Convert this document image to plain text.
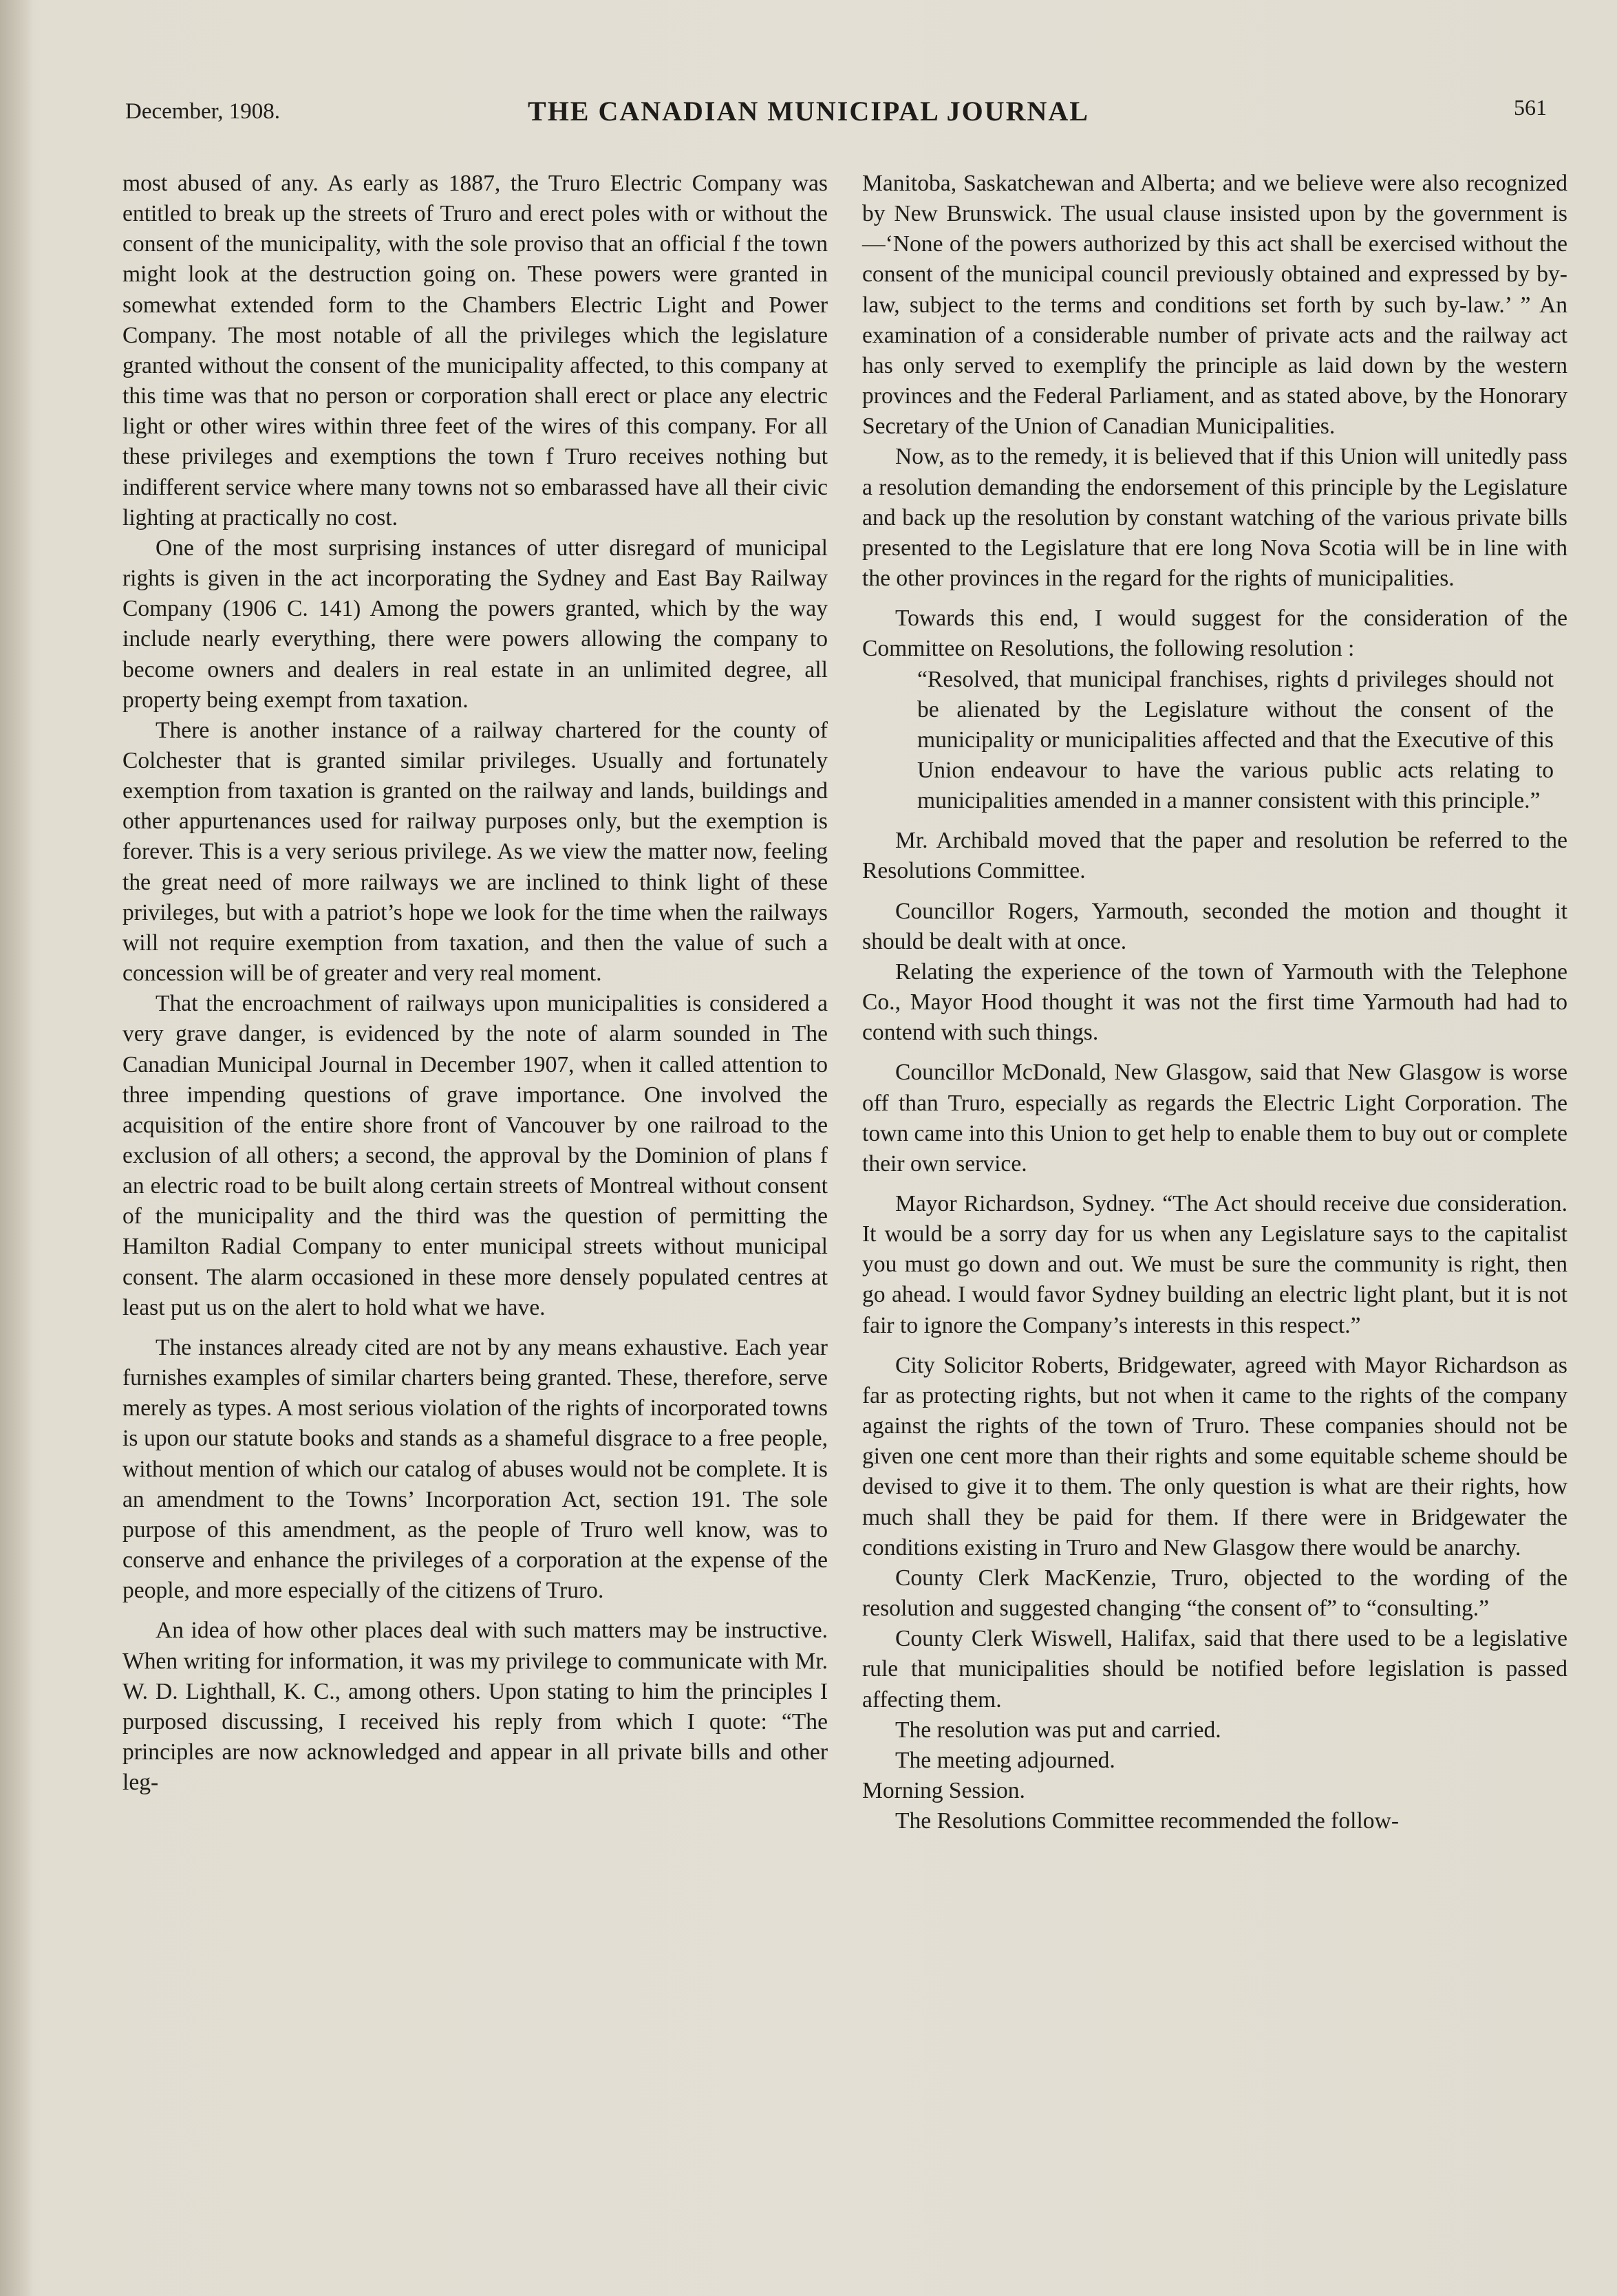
December, 1908.	THE CANADIAN MUNICIPAL JOURNAL	561

most abused of any. As early as 1887, the Truro Electric Company was entitled to break up the streets of Truro and erect poles with or without the consent of the municipality, with the sole proviso that an official f the town might look at the destruction going on. These powers were granted in somewhat extended form to the Chambers Electric Light and Power Company. The most notable of all the privileges which the legislature granted without the consent of the municipality affected, to this company at this time was that no person or corporation shall erect or place any electric light or other wires within three feet of the wires of this company. For all these privileges and exemptions the town f Truro receives nothing but indifferent service where many towns not so embarassed have all their civic lighting at practically no cost.

One of the most surprising instances of utter disregard of municipal rights is given in the act incorporating the Sydney and East Bay Railway Company (1906 C. 141) Among the powers granted, which by the way include nearly everything, there were powers allowing the company to become owners and dealers in real estate in an unlimited degree, all property being exempt from taxation.

There is another instance of a railway chartered for the county of Colchester that is granted similar privileges. Usually and fortunately exemption from taxation is granted on the railway and lands, buildings and other appurtenances used for railway purposes only, but the exemption is forever. This is a very serious privilege. As we view the matter now, feeling the great need of more railways we are inclined to think light of these privileges, but with a patriot’s hope we look for the time when the railways will not require exemption from taxation, and then the value of such a concession will be of greater and very real moment.

That the encroachment of railways upon municipalities is considered a very grave danger, is evidenced by the note of alarm sounded in The Canadian Municipal Journal in December 1907, when it called attention to three impending questions of grave importance. One involved the acquisition of the entire shore front of Vancouver by one railroad to the exclusion of all others; a second, the approval by the Dominion of plans f an electric road to be built along certain streets of Montreal without consent of the municipality and the third was the question of permitting the Hamilton Radial Company to enter municipal streets without municipal consent. The alarm occasioned in these more densely populated centres at least put us on the alert to hold what we have.

The instances already cited are not by any means exhaustive. Each year furnishes examples of similar charters being granted. These, therefore, serve merely as types. A most serious violation of the rights of incorporated towns is upon our statute books and stands as a shameful disgrace to a free people, without mention of which our catalog of abuses would not be complete. It is an amendment to the Towns’ Incorporation Act, section 191. The sole purpose of this amendment, as the people of Truro well know, was to conserve and enhance the privileges of a corporation at the expense of the people, and more especially of the citizens of Truro.

An idea of how other places deal with such matters may be instructive. When writing for information, it was my privilege to communicate with Mr. W. D. Lighthall, K. C., among others. Upon stating to him the principles I purposed discussing, I received his reply from which I quote: “The principles are now acknowledged and appear in all private bills and other leg-

Manitoba, Saskatchewan and Alberta; and we believe were also recognized by New Brunswick. The usual clause insisted upon by the government is—‘None of the powers authorized by this act shall be exercised without the consent of the municipal council previously obtained and expressed by by-law, subject to the terms and conditions set forth by such by-law.’ ” An examination of a considerable number of private acts and the railway act has only served to exemplify the principle as laid down by the western provinces and the Federal Parliament, and as stated above, by the Honorary Secretary of the Union of Canadian Municipalities.

Now, as to the remedy, it is believed that if this Union will unitedly pass a resolution demanding the endorsement of this principle by the Legislature and back up the resolution by constant watching of the various private bills presented to the Legislature that ere long Nova Scotia will be in line with the other provinces in the regard for the rights of municipalities.

Towards this end, I would suggest for the consideration of the Committee on Resolutions, the following resolution :

“Resolved, that municipal franchises, rights d privileges should not be alienated by the Legislature without the consent of the municipality or municipalities affected and that the Executive of this Union endeavour to have the various public acts relating to municipalities amended in a manner consistent with this principle.”

Mr. Archibald moved that the paper and resolution be referred to the Resolutions Committee.

Councillor Rogers, Yarmouth, seconded the motion and thought it should be dealt with at once.

Relating the experience of the town of Yarmouth with the Telephone Co., Mayor Hood thought it was not the first time Yarmouth had had to contend with such things.

Councillor McDonald, New Glasgow, said that New Glasgow is worse off than Truro, especially as regards the Electric Light Corporation. The town came into this Union to get help to enable them to buy out or complete their own service.

Mayor Richardson, Sydney. “The Act should receive due consideration. It would be a sorry day for us when any Legislature says to the capitalist you must go down and out. We must be sure the community is right, then go ahead. I would favor Sydney building an electric light plant, but it is not fair to ignore the Company’s interests in this respect.”

City Solicitor Roberts, Bridgewater, agreed with Mayor Richardson as far as protecting rights, but not when it came to the rights of the company against the rights of the town of Truro. These companies should not be given one cent more than their rights and some equitable scheme should be devised to give it to them. The only question is what are their rights, how much shall they be paid for them. If there were in Bridgewater the conditions existing in Truro and New Glasgow there would be anarchy.

County Clerk MacKenzie, Truro, objected to the wording of the resolution and suggested changing “the consent of” to “consulting.”

County Clerk Wiswell, Halifax, said that there used to be a legislative rule that municipalities should be notified before legislation is passed affecting them.

The resolution was put and carried.

The meeting adjourned.

Morning Session.

The Resolutions Committee recommended the follow-
